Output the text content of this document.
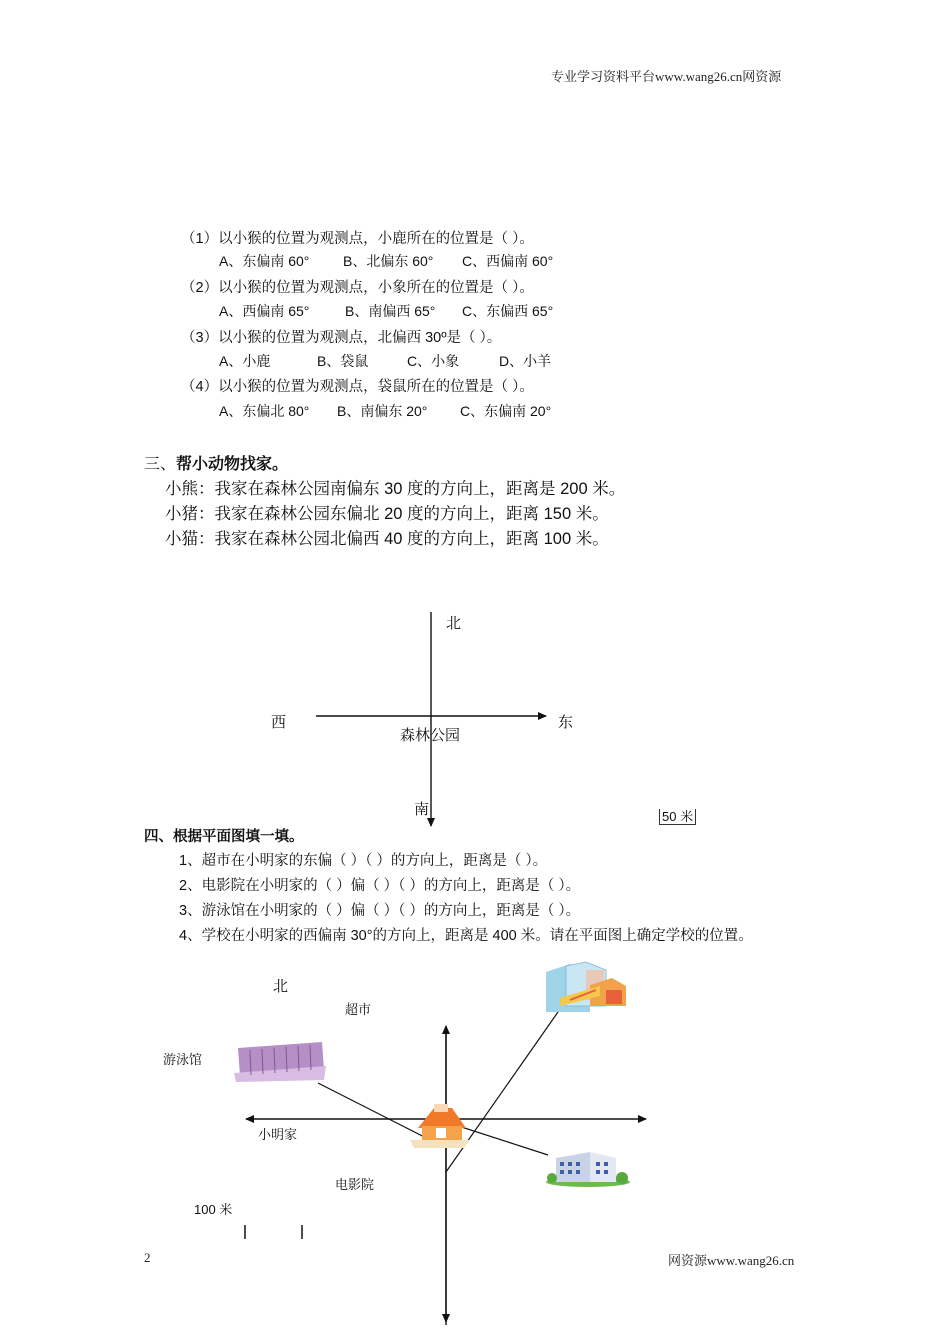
专业学习资料平台www.wang26.cn网资源
（1）以小猴的位置为观测点，小鹿所在的位置是（ ）。
A、东偏南 60° B、北偏东 60° C、西偏南 60°
（2）以小猴的位置为观测点，小象所在的位置是（ ）。
A、西偏南 65°	B、南偏西 65° C、东偏西 65°
（3）以小猴的位置为观测点，北偏西 30º是（ ）。
A、小鹿	B、袋鼠	C、小象	D、小羊
（4）以小猴的位置为观测点，袋鼠所在的位置是（ ）。
A、东偏北 80° B、南偏东 20° C、东偏南 20°
三、帮小动物找家。
小熊：我家在森林公园南偏东 30 度的方向上，距离是 200 米。
小猪：我家在森林公园东偏北 20 度的方向上，距离 150 米。
小猫：我家在森林公园北偏西 40 度的方向上，距离 100 米。
北
西	东
森林公园
南	50 米
四、根据平面图填一填。
1、超市在小明家的东偏（ ）（ ）的方向上，距离是（ ）。
2、电影院在小明家的（ ）偏（ ）（ ）的方向上，距离是（ ）。
3、游泳馆在小明家的（ ）偏（ ）（ ）的方向上，距离是（ ）。
4、学校在小明家的西偏南 30°的方向上，距离是 400 米。请在平面图上确定学校的位置。
北
超市
游泳馆
小明家
电影院
100 米
2	网资源www.wang26.cn
